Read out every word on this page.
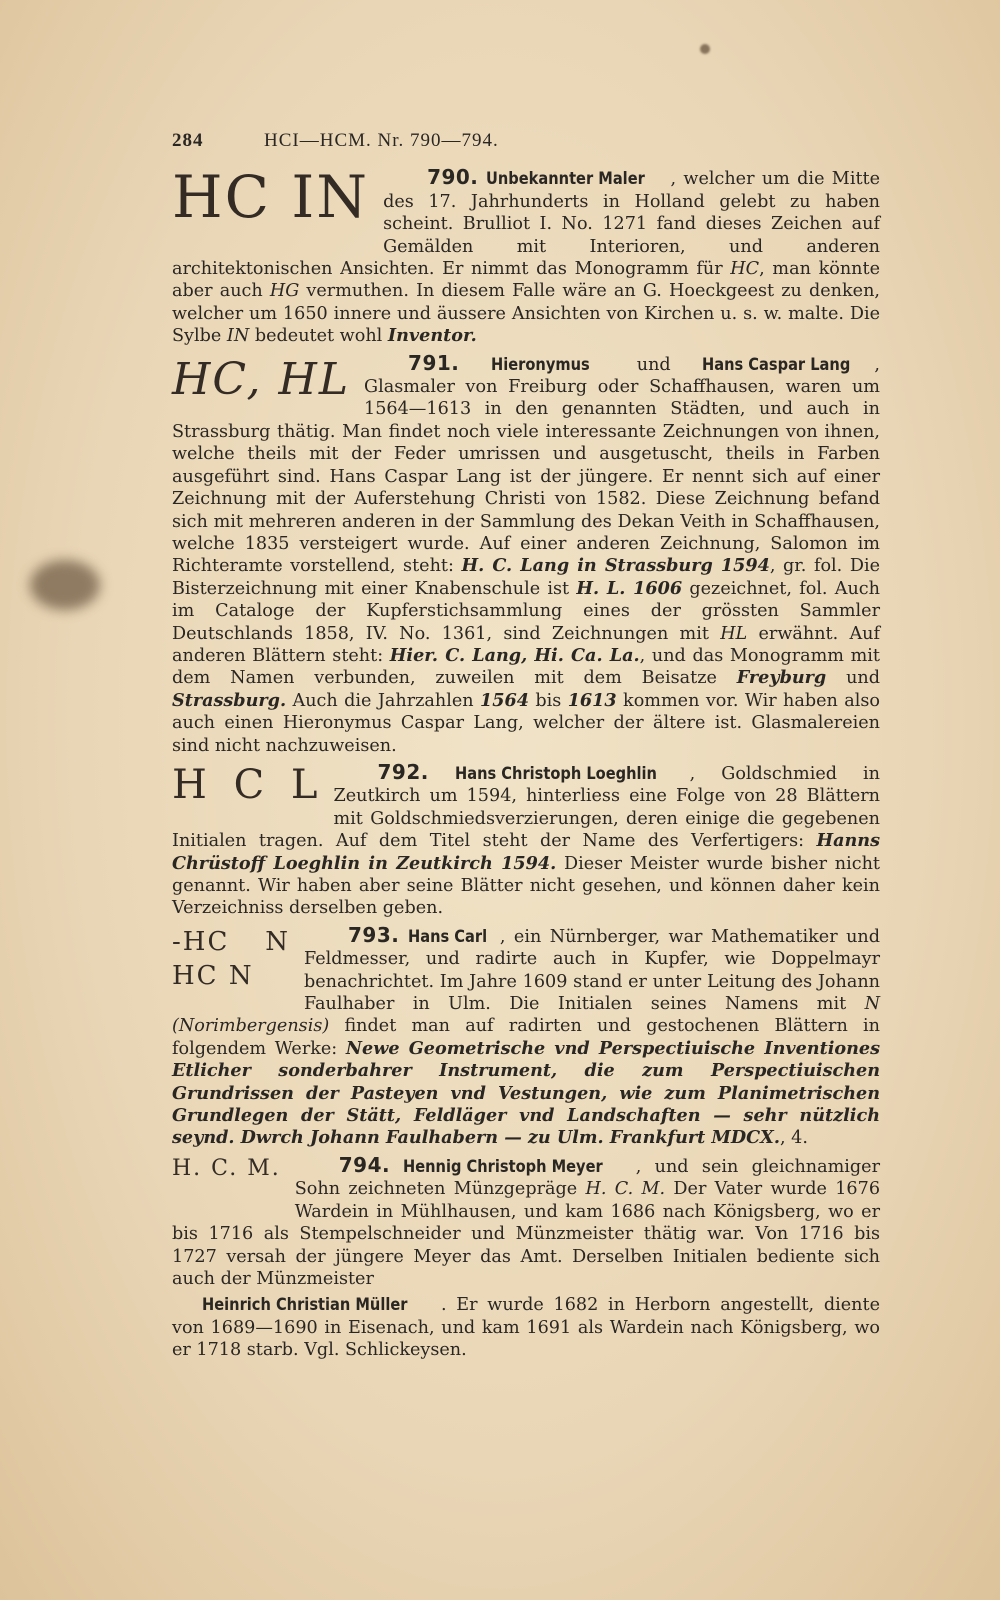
284	HCI—HCM. Nr. 790—794.
790.
HC IN	Unbekannter Maler , welcher um die Mitte des 17. Jahrhunderts in Holland gelebt zu haben scheint. Brulliot I. No. 1271 fand dieses Zeichen auf Gemälden mit Interioren, und anderen architektonischen Ansichten. Er nimmt das Monogramm für HC, man könnte aber auch HG vermuthen. In diesem Falle wäre an G. Hoeckgeest zu denken, welcher um 1650 innere und äussere Ansichten von Kirchen u. s. w. malte. Die Sylbe IN bedeutet wohl Inventor.
791.
HC, HL	Hieronymus und Hans Caspar Lang , Glasmaler von Freiburg oder Schaffhausen, waren um 1564—1613 in den genannten Städten, und auch in Strassburg thätig. Man findet noch viele interessante Zeichnungen von ihnen, welche theils mit der Feder umrissen und ausgetuscht, theils in Farben ausgeführt sind. Hans Caspar Lang ist der jüngere. Er nennt sich auf einer Zeichnung mit der Auferstehung Christi von 1582. Diese Zeichnung befand sich mit mehreren anderen in der Sammlung des Dekan Veith in Schaffhausen, welche 1835 versteigert wurde. Auf einer anderen Zeichnung, Salomon im Richteramte vorstellend, steht: H. C. Lang in Strassburg 1594, gr. fol. Die Bisterzeichnung mit einer Knabenschule ist H. L. 1606 gezeichnet, fol. Auch im Cataloge der Kupferstichsammlung eines der grössten Sammler Deutschlands 1858, IV. No. 1361, sind Zeichnungen mit HL erwähnt. Auf anderen Blättern steht: Hier. C. Lang, Hi. Ca. La., und das Monogramm mit dem Namen verbunden, zuweilen mit dem Beisatze Freyburg und Strassburg. Auch die Jahrzahlen 1564 bis 1613 kommen vor. Wir haben also auch einen Hieronymus Caspar Lang, welcher der ältere ist. Glasmalereien sind nicht nachzuweisen.
792.
H C L	Hans Christoph Loeghlin , Goldschmied in Zeutkirch um 1594, hinterliess eine Folge von 28 Blättern mit Goldschmiedsverzierungen, deren einige die gegebenen Initialen tragen. Auf dem Titel steht der Name des Verfertigers: Hanns Chrüstoff Loeghlin in Zeutkirch 1594. Dieser Meister wurde bisher nicht genannt. Wir haben aber seine Blätter nicht gesehen, und können daher kein Verzeichniss derselben geben.
793.
-HC N HC N
Hans Carl , ein Nürnberger, war Mathematiker und Feldmesser, und radirte auch in Kupfer, wie Doppelmayr benachrichtet. Im Jahre 1609 stand er unter Leitung des Johann Faulhaber in Ulm. Die Initialen seines Namens mit N (Norimbergensis) findet man auf radirten und gestochenen Blättern in folgendem Werke: Newe Geometrische vnd Perspectiuische Inventiones Etlicher sonderbahrer Instrument, die zum Perspectiuischen Grundrissen der Pasteyen vnd Vestungen, wie zum Planimetrischen Grundlegen der Stätt, Feldläger vnd Landschaften — sehr nützlich seynd. Dwrch Johann Faulhabern — zu Ulm. Frankfurt MDCX., 4.
794.
H. C. M.	Hennig Christoph Meyer , und sein gleichnamiger Sohn zeichneten Münzgepräge H. C. M. Der Vater wurde 1676 Wardein in Mühlhausen, und kam 1686 nach Königsberg, wo er bis 1716 als Stempelschneider und Münzmeister thätig war. Von 1716 bis 1727 versah der jüngere Meyer das Amt. Derselben Initialen bediente sich auch der Münzmeister
Heinrich Christian Müller . Er wurde 1682 in Herborn angestellt, diente von 1689—1690 in Eisenach, und kam 1691 als Wardein nach Königsberg, wo er 1718 starb. Vgl. Schlickeysen.
